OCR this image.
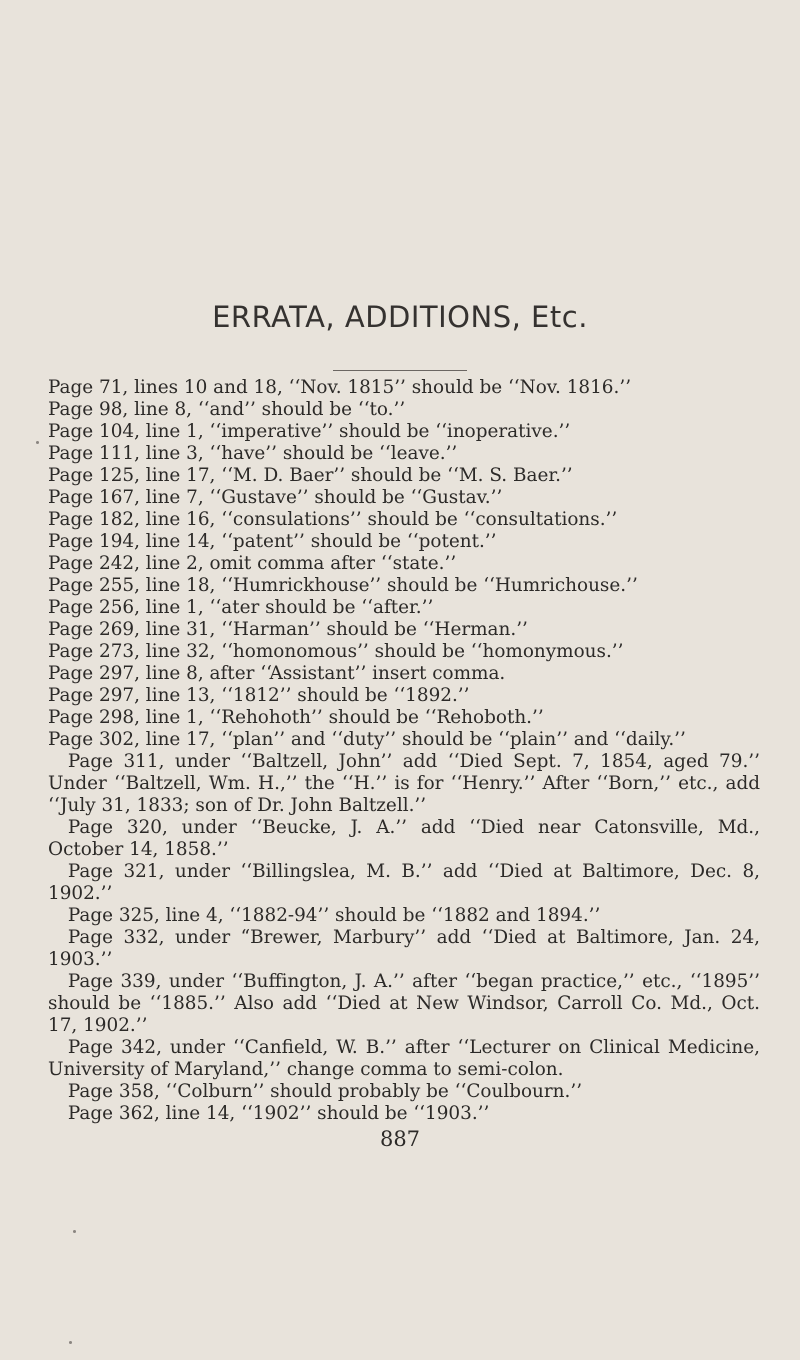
ERRATA, ADDITIONS, Etc.

Page 71, lines 10 and 18, ‘‘Nov. 1815’’ should be ‘‘Nov. 1816.’’

Page 98, line 8, ‘‘and’’ should be ‘‘to.’’

Page 104, line 1, ‘‘imperative’’ should be ‘‘inoperative.’’

Page 111, line 3, ‘‘have’’ should be ‘‘leave.’’

Page 125, line 17, ‘‘M. D. Baer’’ should be ‘‘M. S. Baer.’’

Page 167, line 7, ‘‘Gustave’’ should be ‘‘Gustav.’’

Page 182, line 16, ‘‘consulations’’ should be ‘‘consultations.’’

Page 194, line 14, ‘‘patent’’ should be ‘‘potent.’’

Page 242, line 2, omit comma after ‘‘state.’’

Page 255, line 18, ‘‘Humrickhouse’’ should be ‘‘Humrichouse.’’

Page 256, line 1, ‘‘ater should be ‘‘after.’’

Page 269, line 31, ‘‘Harman’’ should be ‘‘Herman.’’

Page 273, line 32, ‘‘homonomous’’ should be ‘‘homonymous.’’

Page 297, line 8, after ‘‘Assistant’’ insert comma.

Page 297, line 13, ‘‘1812’’ should be ‘‘1892.’’

Page 298, line 1, ‘‘Rehohoth’’ should be ‘‘Rehoboth.’’

Page 302, line 17, ‘‘plan’’ and ‘‘duty’’ should be ‘‘plain’’ and ‘‘daily.’’

Page 311, under ‘‘Baltzell, John’’ add ‘‘Died Sept. 7, 1854, aged 79.’’ Under ‘‘Baltzell, Wm. H.,’’ the ‘‘H.’’ is for ‘‘Henry.’’ After ‘‘Born,’’ etc., add ‘‘July 31, 1833; son of Dr. John Baltzell.’’

Page 320, under ‘‘Beucke, J. A.’’ add ‘‘Died near Catonsville, Md., October 14, 1858.’’

Page 321, under ‘‘Billingslea, M. B.’’ add ‘‘Died at Baltimore, Dec. 8, 1902.’’

Page 325, line 4, ‘‘1882-94’’ should be ‘‘1882 and 1894.’’

Page 332, under “Brewer, Marbury’’ add ‘‘Died at Baltimore, Jan. 24, 1903.’’

Page 339, under ‘‘Buffington, J. A.’’ after ‘‘began practice,’’ etc., ‘‘1895’’ should be ‘‘1885.’’ Also add ‘‘Died at New Windsor, Carroll Co. Md., Oct. 17, 1902.’’

Page 342, under ‘‘Canfield, W. B.’’ after ‘‘Lecturer on Clinical Medicine, University of Maryland,’’ change comma to semi-colon.

Page 358, ‘‘Colburn’’ should probably be ‘‘Coulbourn.’’

Page 362, line 14, ‘‘1902’’ should be ‘‘1903.’’

887
